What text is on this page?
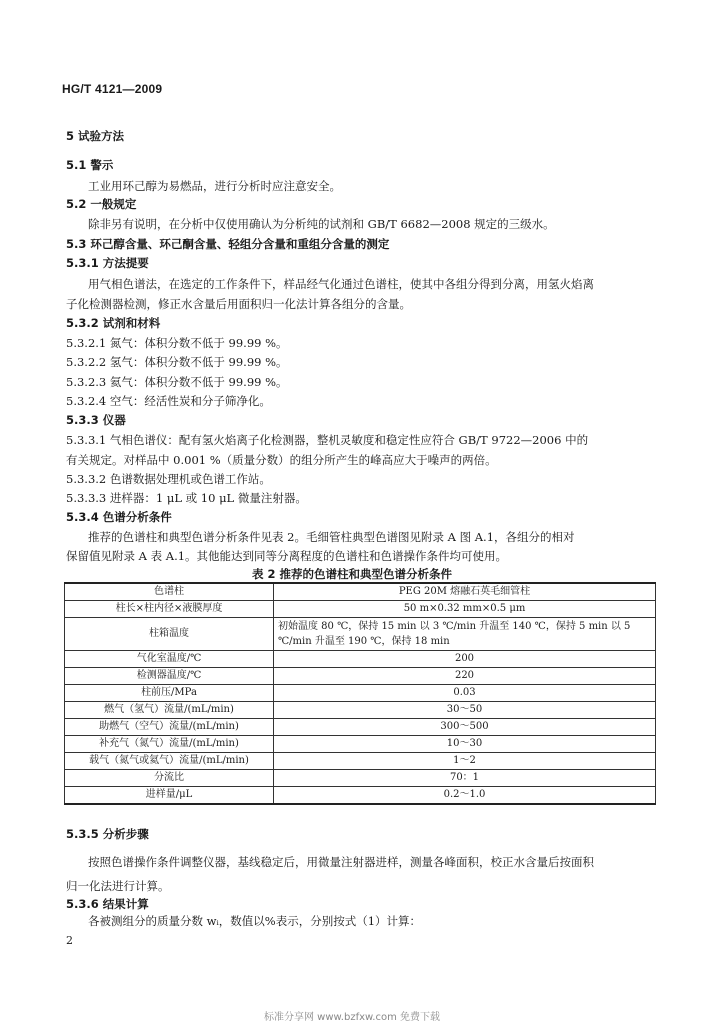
HG/T 4121—2009
5 试验方法
5.1 警示
工业用环己醇为易燃品，进行分析时应注意安全。
5.2 一般规定
除非另有说明，在分析中仅使用确认为分析纯的试剂和 GB/T 6682—2008 规定的三级水。
5.3 环己醇含量、环己酮含量、轻组分含量和重组分含量的测定
5.3.1 方法提要
用气相色谱法，在选定的工作条件下，样品经气化通过色谱柱，使其中各组分得到分离，用氢火焰离
子化检测器检测，修正水含量后用面积归一化法计算各组分的含量。
5.3.2 试剂和材料
5.3.2.1 氮气：体积分数不低于 99.99 %。
5.3.2.2 氢气：体积分数不低于 99.99 %。
5.3.2.3 氦气：体积分数不低于 99.99 %。
5.3.2.4 空气：经活性炭和分子筛净化。
5.3.3 仪器
5.3.3.1 气相色谱仪：配有氢火焰离子化检测器，整机灵敏度和稳定性应符合 GB/T 9722—2006 中的
有关规定。对样品中 0.001 %（质量分数）的组分所产生的峰高应大于噪声的两倍。
5.3.3.2 色谱数据处理机或色谱工作站。
5.3.3.3 进样器：1 μL 或 10 μL 微量注射器。
5.3.4 色谱分析条件
推荐的色谱柱和典型色谱分析条件见表 2。毛细管柱典型色谱图见附录 A 图 A.1，各组分的相对
保留值见附录 A 表 A.1。其他能达到同等分离程度的色谱柱和色谱操作条件均可使用。
表 2 推荐的色谱柱和典型色谱分析条件
色谱柱	PEG 20M 熔融石英毛细管柱
柱长×柱内径×液膜厚度	50 m×0.32 mm×0.5 μm
柱箱温度	初始温度 80 ℃，保持 15 min 以 3 ℃/min 升温至 140 ℃，保持 5 min 以 5 ℃/min 升温至 190 ℃，保持 18 min
气化室温度/℃	200
检测器温度/℃	220
柱前压/MPa	0.03
燃气（氢气）流量/(mL/min)	30～50
助燃气（空气）流量/(mL/min)	300～500
补充气（氮气）流量/(mL/min)	10～30
载气（氮气或氦气）流量/(mL/min)	1～2
分流比	70：1
进样量/μL	0.2～1.0
5.3.5 分析步骤
按照色谱操作条件调整仪器，基线稳定后，用微量注射器进样，测量各峰面积，校正水含量后按面积
归一化法进行计算。
5.3.6 结果计算
各被测组分的质量分数 wᵢ，数值以%表示，分别按式（1）计算：
2
标准分享网 www.bzfxw.com 免费下载
